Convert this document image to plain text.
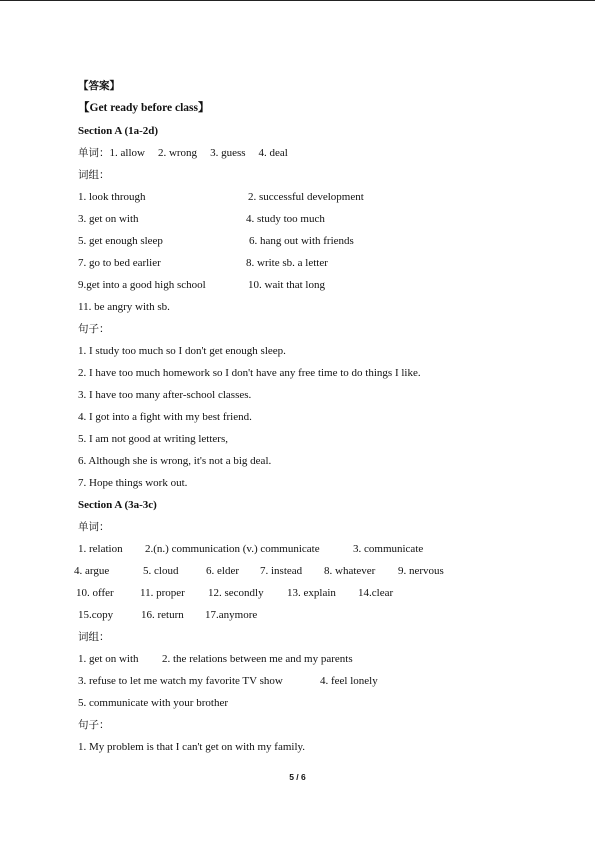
【答案】
【Get ready before class】
Section A (1a-2d)
单词：1. allow 2. wrong 3. guess 4. deal
词组：
1. look through	2. successful development
3. get on with	4. study too much
5. get enough sleep	6. hang out with friends
7. go to bed earlier	8. write sb. a letter
9.get into a good high school	10. wait that long
11. be angry with sb.
句子：
1. I study too much so I don't get enough sleep.
2. I have too much homework so I don't have any free time to do things I like.
3. I have too many after-school classes.
4. I got into a fight with my best friend.
5. I am not good at writing letters,
6. Although she is wrong, it's not a big deal.
7. Hope things work out.
Section A (3a-3c)
单词：
1. relation 2.(n.) communication (v.) communicate	3. communicate
4. argue	5. cloud	6. elder 7. instead 8. whatever 9. nervous
10. offer 11. proper 12. secondly 13. explain 14.clear
15.copy	16. return 17.anymore
词组：
1. get on with 2. the relations between me and my parents
3. refuse to let me watch my favorite TV show	4. feel lonely
5. communicate with your brother
句子：
1. My problem is that I can't get on with my family.
5 / 6
